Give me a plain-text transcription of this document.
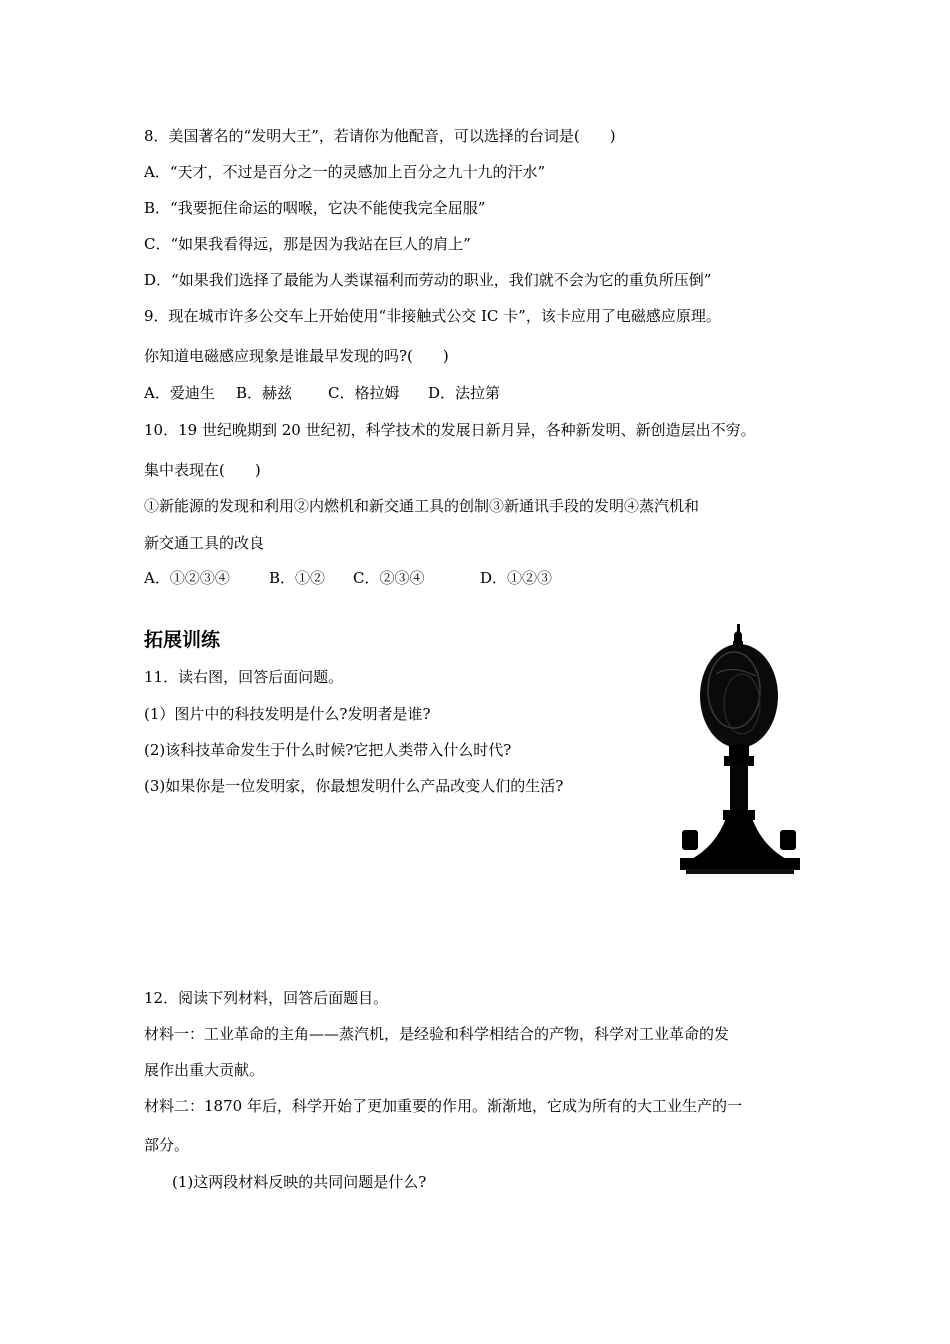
8．美国著名的“发明大王”，若请你为他配音，可以选择的台词是(　　)
A．“天才，不过是百分之一的灵感加上百分之九十九的汗水”
B．“我要扼住命运的咽喉，它决不能使我完全屈服”
C．“如果我看得远，那是因为我站在巨人的肩上”
D．“如果我们选择了最能为人类谋福利而劳动的职业，我们就不会为它的重负所压倒”
9．现在城市许多公交车上开始使用“非接触式公交 IC 卡”，该卡应用了电磁感应原理。
你知道电磁感应现象是谁最早发现的吗?(　　)
A．爱迪生 B．赫兹 C．格拉姆 D．法拉第
10．19 世纪晚期到 20 世纪初，科学技术的发展日新月异，各种新发明、新创造层出不穷。
集中表现在(　　)
①新能源的发现和利用②内燃机和新交通工具的创制③新通讯手段的发明④蒸汽机和
新交通工具的改良
A．①②③④	B．①② C．②③④	D．①②③
拓展训练
11．读右图，回答后面问题。
(1）图片中的科技发明是什么?发明者是谁?
(2)该科技革命发生于什么时候?它把人类带入什么时代?
(3)如果你是一位发明家，你最想发明什么产品改变人们的生活?
12．阅读下列材料，回答后面题目。
材料一：工业革命的主角——蒸汽机，是经验和科学相结合的产物，科学对工业革命的发
展作出重大贡献。
材料二：1870 年后，科学开始了更加重要的作用。渐渐地，它成为所有的大工业生产的一
部分。
(1)这两段材料反映的共同问题是什么?
